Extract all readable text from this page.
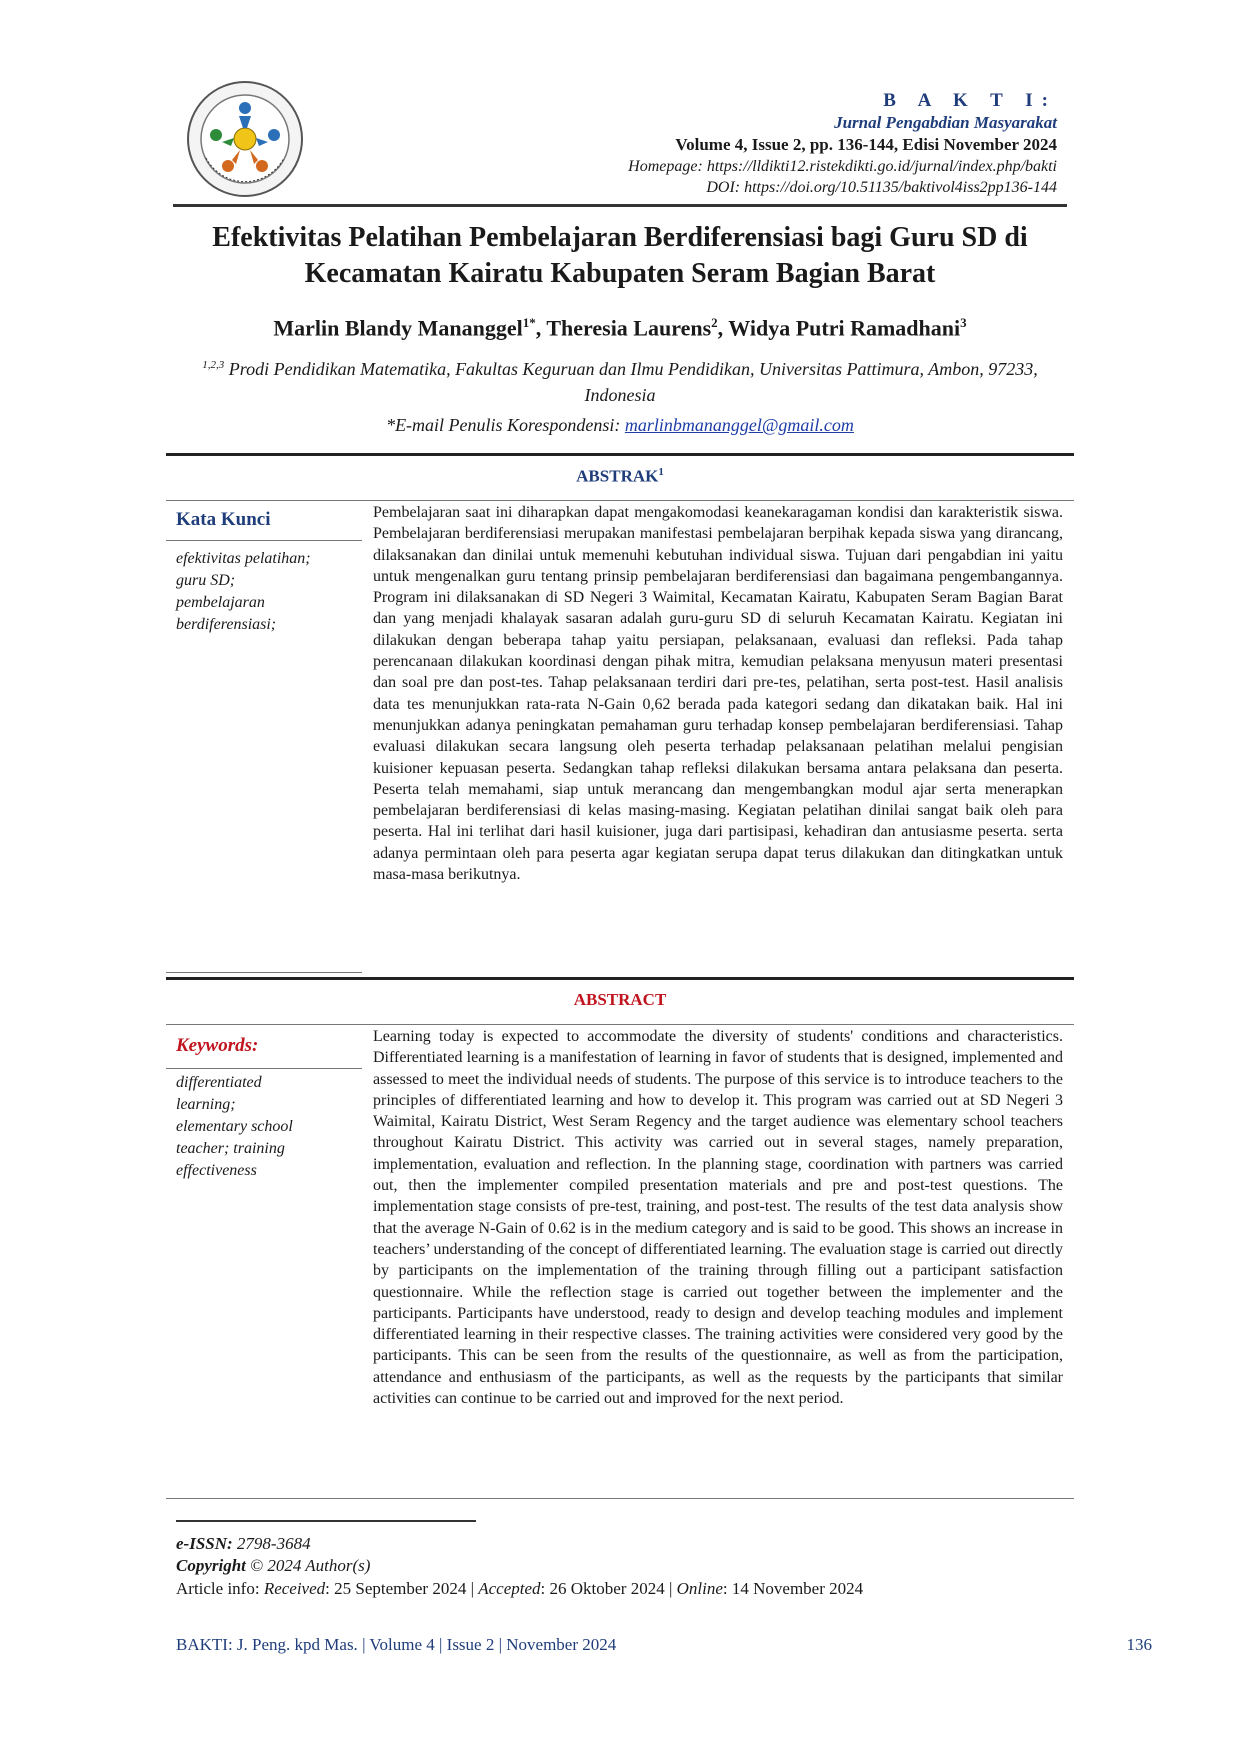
B A K T I:
Jurnal Pengabdian Masyarakat
Volume 4, Issue 2, pp. 136-144, Edisi November 2024
Homepage: https://lldikti12.ristekdikti.go.id/jurnal/index.php/bakti
DOI: https://doi.org/10.51135/baktivol4iss2pp136-144
Efektivitas Pelatihan Pembelajaran Berdiferensiasi bagi Guru SD di Kecamatan Kairatu Kabupaten Seram Bagian Barat
Marlin Blandy Mananggel$^{1*}$, Theresia Laurens$^2$, Widya Putri Ramadhani$^3$
$^{1,2,3}$ Prodi Pendidikan Matematika, Fakultas Keguruan dan Ilmu Pendidikan, Universitas Pattimura, Ambon, 97233, Indonesia
*E-mail Penulis Korespondensi: marlinbmananggel@gmail.com
ABSTRAK$^1$
Kata Kunci
efektivitas pelatihan;
guru SD;
pembelajaran
berdiferensiasi;
Pembelajaran saat ini diharapkan dapat mengakomodasi keanekaragaman kondisi dan karakteristik siswa. Pembelajaran berdiferensiasi merupakan manifestasi pembelajaran berpihak kepada siswa yang dirancang, dilaksanakan dan dinilai untuk memenuhi kebutuhan individual siswa. Tujuan dari pengabdian ini yaitu untuk mengenalkan guru tentang prinsip pembelajaran berdiferensiasi dan bagaimana pengembangannya. Program ini dilaksanakan di SD Negeri 3 Waimital, Kecamatan Kairatu, Kabupaten Seram Bagian Barat dan yang menjadi khalayak sasaran adalah guru-guru SD di seluruh Kecamatan Kairatu. Kegiatan ini dilakukan dengan beberapa tahap yaitu persiapan, pelaksanaan, evaluasi dan refleksi. Pada tahap perencanaan dilakukan koordinasi dengan pihak mitra, kemudian pelaksana menyusun materi presentasi dan soal pre dan post-tes. Tahap pelaksanaan terdiri dari pre-tes, pelatihan, serta post-test. Hasil analisis data tes menunjukkan rata-rata N-Gain 0,62 berada pada kategori sedang dan dikatakan baik. Hal ini menunjukkan adanya peningkatan pemahaman guru terhadap konsep pembelajaran berdiferensiasi. Tahap evaluasi dilakukan secara langsung oleh peserta terhadap pelaksanaan pelatihan melalui pengisian kuisioner kepuasan peserta. Sedangkan tahap refleksi dilakukan bersama antara pelaksana dan peserta. Peserta telah memahami, siap untuk merancang dan mengembangkan modul ajar serta menerapkan pembelajaran berdiferensiasi di kelas masing-masing. Kegiatan pelatihan dinilai sangat baik oleh para peserta. Hal ini terlihat dari hasil kuisioner, juga dari partisipasi, kehadiran dan antusiasme peserta. serta adanya permintaan oleh para peserta agar kegiatan serupa dapat terus dilakukan dan ditingkatkan untuk masa-masa berikutnya.
ABSTRACT
Keywords:
differentiated
learning;
elementary school
teacher; training
effectiveness
Learning today is expected to accommodate the diversity of students' conditions and characteristics. Differentiated learning is a manifestation of learning in favor of students that is designed, implemented and assessed to meet the individual needs of students. The purpose of this service is to introduce teachers to the principles of differentiated learning and how to develop it. This program was carried out at SD Negeri 3 Waimital, Kairatu District, West Seram Regency and the target audience was elementary school teachers throughout Kairatu District. This activity was carried out in several stages, namely preparation, implementation, evaluation and reflection. In the planning stage, coordination with partners was carried out, then the implementer compiled presentation materials and pre and post-test questions. The implementation stage consists of pre-test, training, and post-test. The results of the test data analysis show that the average N-Gain of 0.62 is in the medium category and is said to be good. This shows an increase in teachers’ understanding of the concept of differentiated learning. The evaluation stage is carried out directly by participants on the implementation of the training through filling out a participant satisfaction questionnaire. While the reflection stage is carried out together between the implementer and the participants. Participants have understood, ready to design and develop teaching modules and implement differentiated learning in their respective classes. The training activities were considered very good by the participants. This can be seen from the results of the questionnaire, as well as from the participation, attendance and enthusiasm of the participants, as well as the requests by the participants that similar activities can continue to be carried out and improved for the next period.
e-ISSN: 2798-3684
Copyright © 2024 Author(s)
Article info: Received: 25 September 2024 | Accepted: 26 Oktober 2024 | Online: 14 November 2024
BAKTI: J. Peng. kpd Mas. | Volume 4 | Issue 2 | November 2024	136
